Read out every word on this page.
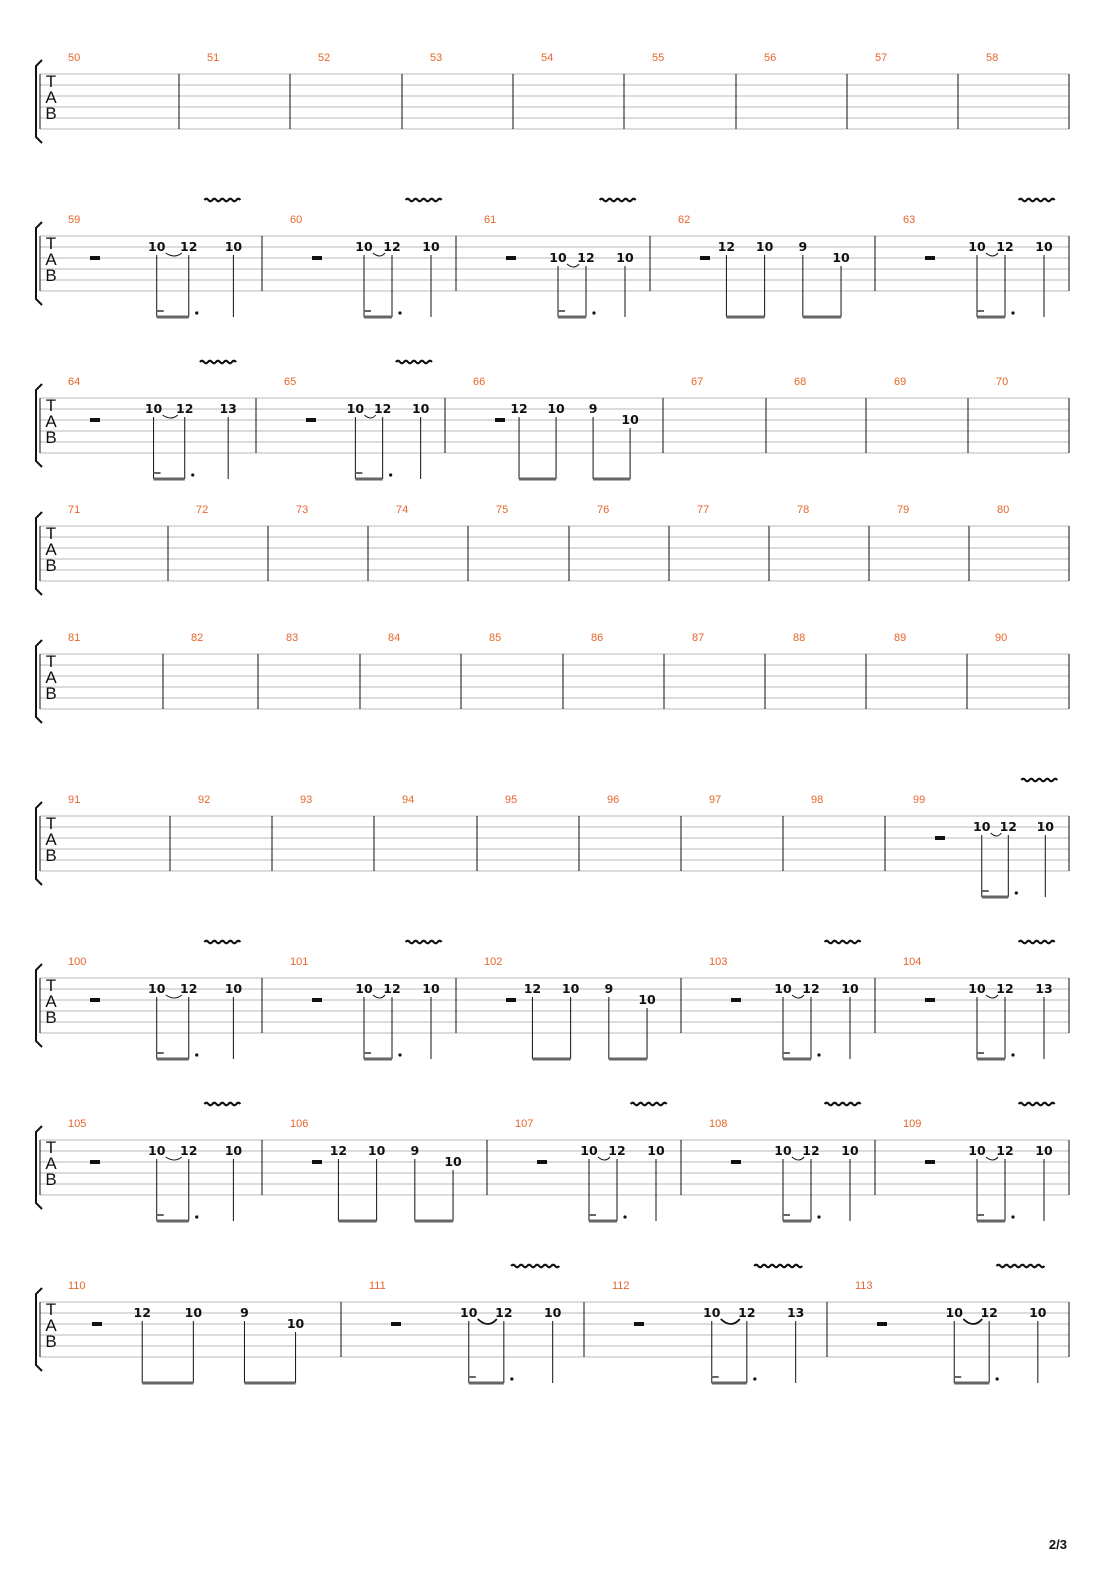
T
A
B
50	51	52	53	54	55	56	57	58
T
A
B
59
10 12 10
60
10 12 10
61
10 12 10
62
12 10 9
10
63
10 12 10
T
A
B
64
10 12 13
65
10 12 10
66
12 10 9
10
67	68	69	70
T
A
B
71	72	73	74	75	76	77	78	79	80
T
A
B
81	82	83	84	85	86	87	88	89	90
T
A
B
91	92	93	94	95	96	97	98	99
10 12 10
T
A
B
100
10 12 10
101
10 12 10
102
12 10 9
10
103
10 12 10
104
10 12 13
T
A
B
105
10 12 10
106
12 10 9
10
107
10 12 10
108
10 12 10
109
10 12 10
T
A
B
110
12	10	9
10
111
10 12	10
112
10 12	13
113
10 12 10
2/3
